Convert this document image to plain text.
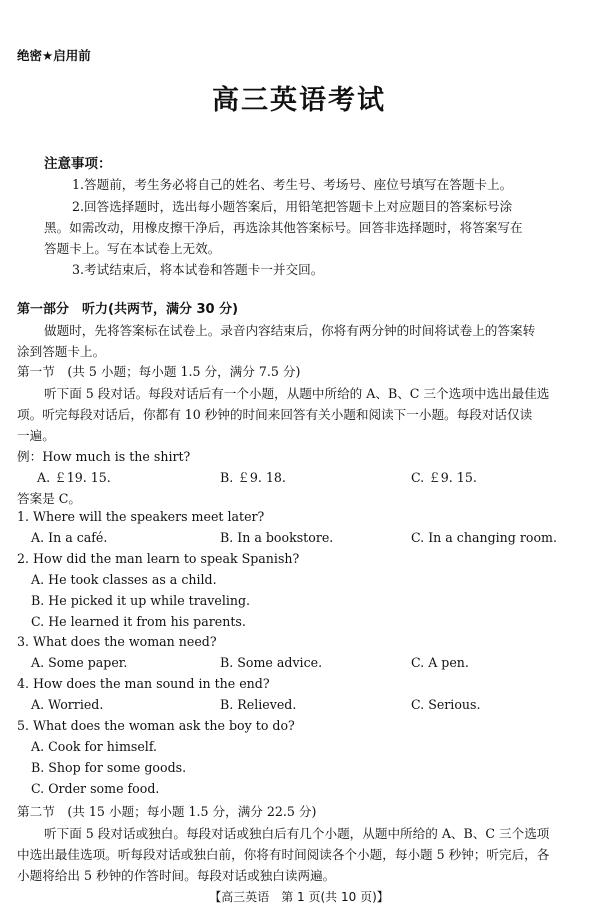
绝密★启用前
高三英语考试
注意事项：
1.答题前，考生务必将自己的姓名、考生号、考场号、座位号填写在答题卡上。
2.回答选择题时，选出每小题答案后，用铅笔把答题卡上对应题目的答案标号涂
黑。如需改动，用橡皮擦干净后，再选涂其他答案标号。回答非选择题时，将答案写在
答题卡上。写在本试卷上无效。
3.考试结束后，将本试卷和答题卡一并交回。
第一部分　听力(共两节，满分 30 分)
做题时，先将答案标在试卷上。录音内容结束后，你将有两分钟的时间将试卷上的答案转
涂到答题卡上。
第一节　(共 5 小题；每小题 1.5 分，满分 7.5 分)
听下面 5 段对话。每段对话后有一个小题，从题中所给的 A、B、C 三个选项中选出最佳选
项。听完每段对话后，你都有 10 秒钟的时间来回答有关小题和阅读下一小题。每段对话仅读
一遍。
例：How much is the shirt?
A. ￡19. 15.	B. ￡9. 18.	C. ￡9. 15.
答案是 C。
1. Where will the speakers meet later?
A. In a café.	B. In a bookstore.	C. In a changing room.
2. How did the man learn to speak Spanish?
A. He took classes as a child.
B. He picked it up while traveling.
C. He learned it from his parents.
3. What does the woman need?
A. Some paper.	B. Some advice.	C. A pen.
4. How does the man sound in the end?
A. Worried.	B. Relieved.	C. Serious.
5. What does the woman ask the boy to do?
A. Cook for himself.
B. Shop for some goods.
C. Order some food.
第二节　(共 15 小题；每小题 1.5 分，满分 22.5 分)
听下面 5 段对话或独白。每段对话或独白后有几个小题，从题中所给的 A、B、C 三个选项
中选出最佳选项。听每段对话或独白前，你将有时间阅读各个小题，每小题 5 秒钟；听完后，各
小题将给出 5 秒钟的作答时间。每段对话或独白读两遍。
【高三英语　第 1 页(共 10 页)】
